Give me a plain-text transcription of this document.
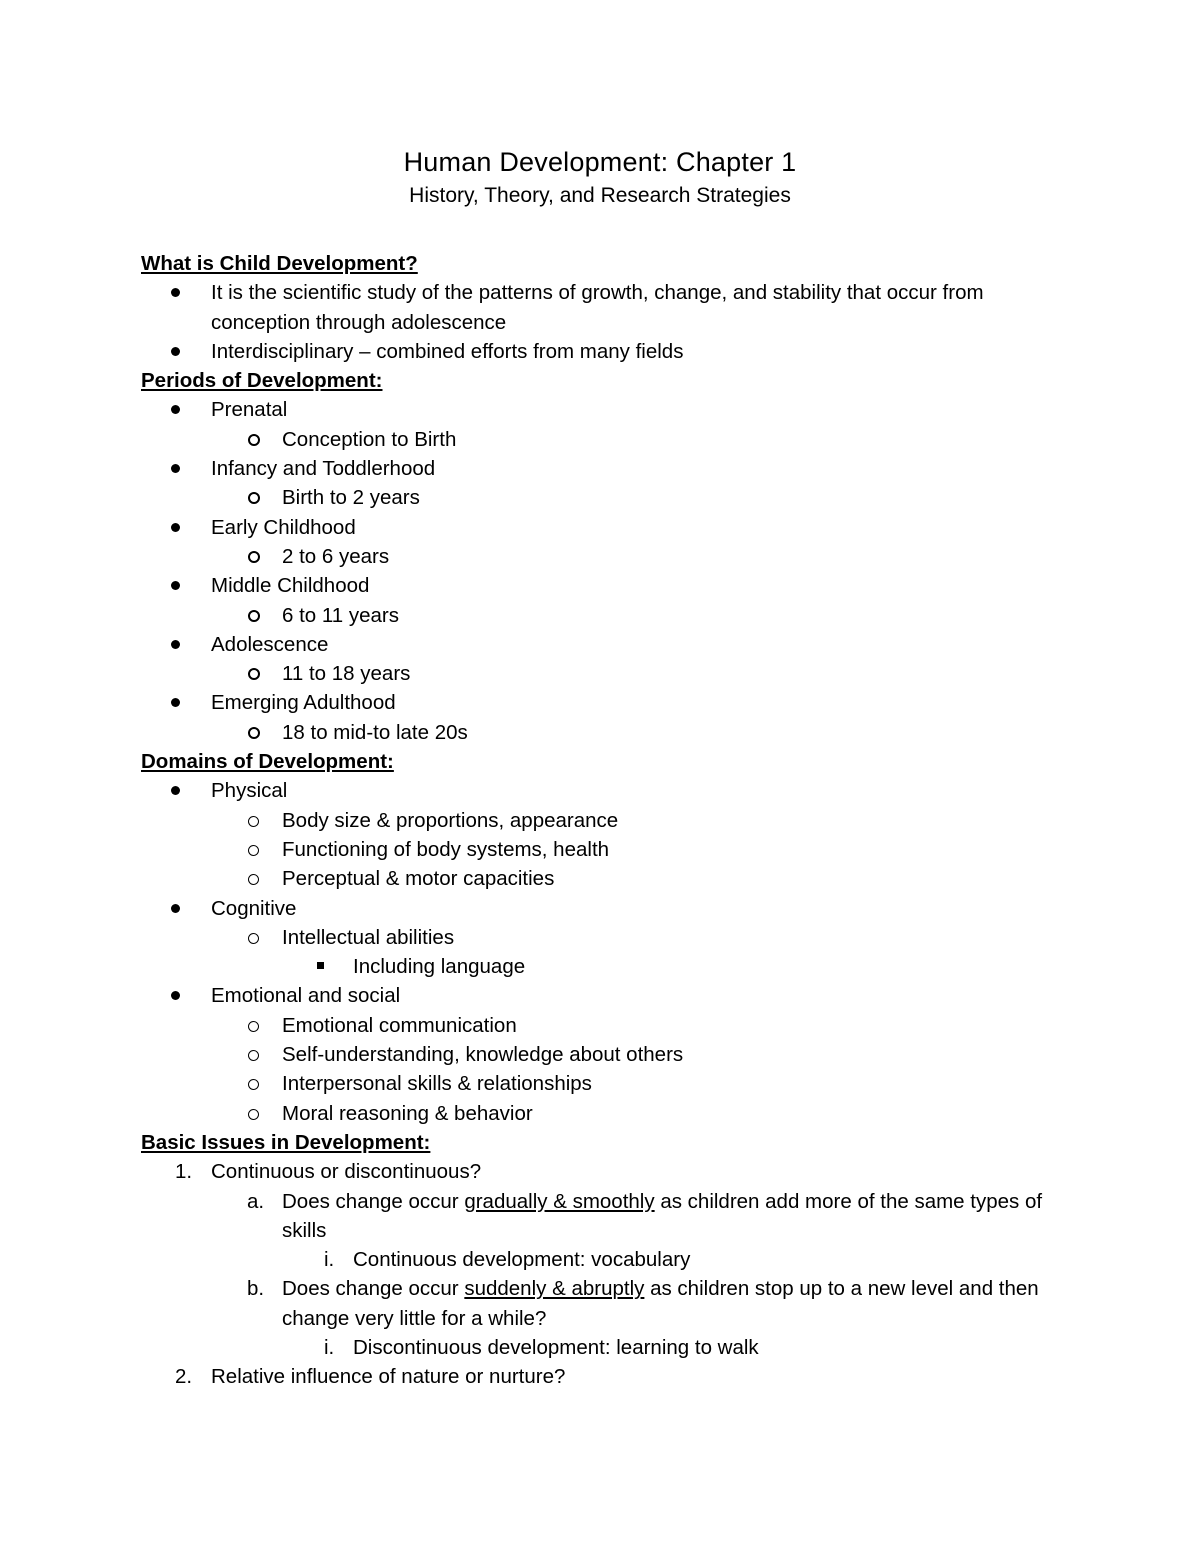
Human Development: Chapter 1
History, Theory, and Research Strategies
What is Child Development?
It is the scientific study of the patterns of growth, change, and stability that occur from conception through adolescence
Interdisciplinary – combined efforts from many fields
Periods of Development:
Prenatal
Conception to Birth
Infancy and Toddlerhood
Birth to 2 years
Early Childhood
2 to 6 years
Middle Childhood
6 to 11 years
Adolescence
11 to 18 years
Emerging Adulthood
18 to mid-to late 20s
Domains of Development:
Physical
Body size & proportions, appearance
Functioning of body systems, health
Perceptual & motor capacities
Cognitive
Intellectual abilities
Including language
Emotional and social
Emotional communication
Self-understanding, knowledge about others
Interpersonal skills & relationships
Moral reasoning & behavior
Basic Issues in Development:
1. Continuous or discontinuous?
a. Does change occur gradually & smoothly as children add more of the same types of skills
i. Continuous development: vocabulary
b. Does change occur suddenly & abruptly as children stop up to a new level and then change very little for a while?
i. Discontinuous development: learning to walk
2. Relative influence of nature or nurture?
